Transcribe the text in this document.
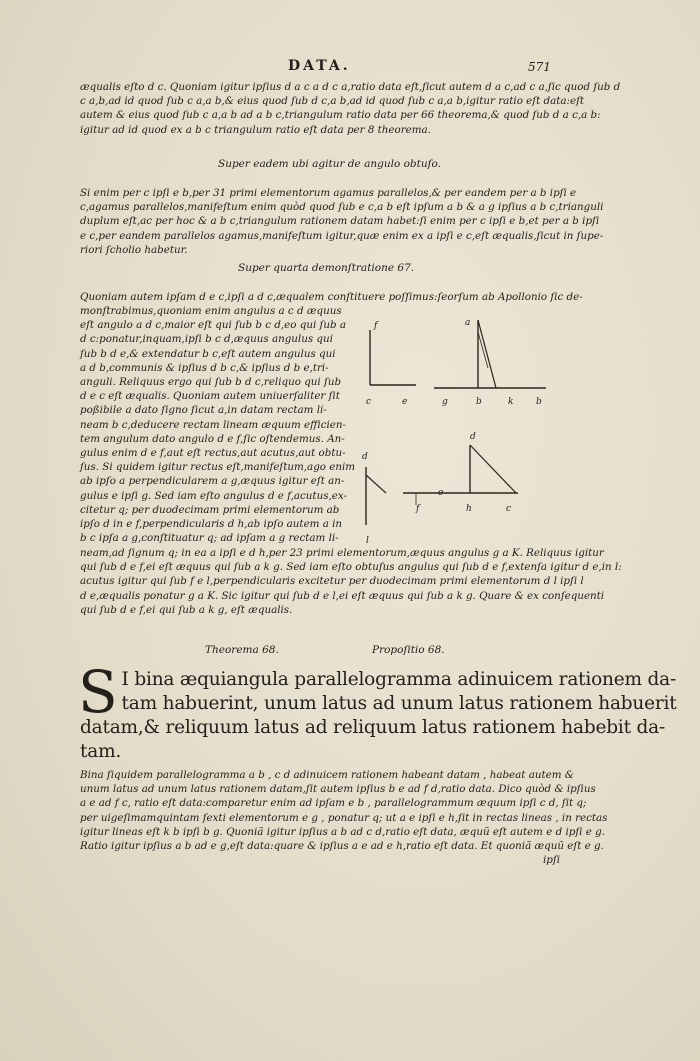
DATA.	571
æqualis eſto d c. Quoniam igitur ipſius d a c a d c a,ratio data eſt,ſicut autem d a c,ad c a,ſic quod ſub d
c a,b,ad id quod ſub c a,a b,& eius quod ſub d c,a b,ad id quod ſub c a,a b,igitur ratio eſt data:eſt
autem & eius quod ſub c a,a b ad a b c,triangulum ratio data per 66 theorema,& quod ſub d a c,a b:
igitur ad id quod ex a b c triangulum ratio eſt data per 8 theorema.
Super eadem ubi agitur de angulo obtuſo.
Si enim per c ipſi e b,per 31 primi elementorum agamus parallelos,& per eandem per a b ipſi e
c,agamus parallelos,manifeſtum enim quòd quod ſub e c,a b eſt ipſum a b & a g ipſius a b c,trianguli
duplum eſt,ac per hoc & a b c,triangulum rationem datam habet:ſi enim per c ipſi e b,et per a b ipſi
e c,per eandem parallelos agamus,manifeſtum igitur,quæ enim ex a ipſi e c,eſt æqualis,ſicut in ſupe-
riori ſcholio habetur.
Super quarta demonſtratione 67.
Quoniam autem ipſam d e c,ipſi a d c,æqualem conſtituere poſſimus:ſeorſum ab Apollonio ſic de-
monſtrabimus,quoniam enim angulus a c d æquus
eſt angulo a d c,maior eſt qui ſub b c d,eo qui ſub a
d c:ponatur,inquam,ipſi b c d,æquus angulus qui
ſub b d e,& extendatur b c,eſt autem angulus qui
a d b,communis & ipſius d b c,& ipſius d b e,tri-
anguli. Reliquus ergo qui ſub b d c,reliquo qui ſub
d e c eſt æqualis. Quoniam autem uniuerſaliter ſit
poßibile a dato ſigno ſicut a,in datam rectam li-
neam b c,deducere rectam lineam æquum efficien-
tem angulum dato angulo d e f,ſic oſtendemus. An-
gulus enim d e f,aut eſt rectus,aut acutus,aut obtu-
ſus. Si quidem igitur rectus eſt,manifeſtum,ago enim
ab ipſo a perpendicularem a g,æquus igitur eſt an-
gulus e ipſi g. Sed iam eſto angulus d e f,acutus,ex-
citetur q; per duodecimam primi elementorum ab
ipſo d in e f,perpendicularis d h,ab ipſo autem a in
b c ipſa a g,conſtituatur q; ad ipſam a g rectam li-
f	a
c	e	g	b	k	b
d
d
f
e
h	c
l
neam,ad ſignum q; in ea a ipſi e d h,per 23 primi elementorum,æquus angulus g a K. Reliquus igitur
qui ſub d e f,ei eſt æquus qui ſub a k g. Sed iam eſto obtuſus angulus qui ſub d e f,extenſa igitur d e,in l:
acutus igitur qui ſub f e l,perpendicularis excitetur per duodecimam primi elementorum d l ipſi l
d e,æqualis ponatur g a K. Sic igitur qui ſub d e l,ei eſt æquus qui ſub a k g. Quare & ex conſequenti
qui ſub d e f,ei qui ſub a k g, eſt æqualis.
Theorema 68.	Propoſitio 68.
S I bina æquiangula parallelogramma adinuicem rationem da-
tam habuerint, unum latus ad unum latus rationem habuerit
datam,& reliquum latus ad reliquum latus rationem habebit da-
tam.
Bina ſiquidem parallelogramma a b , c d adinuicem rationem habeant datam , habeat autem &
unum latus ad unum latus rationem datam,ſit autem ipſius b e ad f d,ratio data. Dico quòd & ipſius
a e ad f c, ratio eſt data:comparetur enim ad ipſam e b , parallelogrammum æquum ipſi c d, ſit q;
per uigeſimamquintam ſexti elementorum e g , ponatur q; ut a e ipſi e h,ſit in rectas lineas , in rectas
igitur lineas eſt k b ipſi b g. Quoniã igitur ipſius a b ad c d,ratio eſt data, æquũ eſt autem e d ipſi e g.
Ratio igitur ipſius a b ad e g,eſt data:quare & ipſius a e ad e h,ratio eſt data. Et quoniã æquũ eſt e g.
ipſi
